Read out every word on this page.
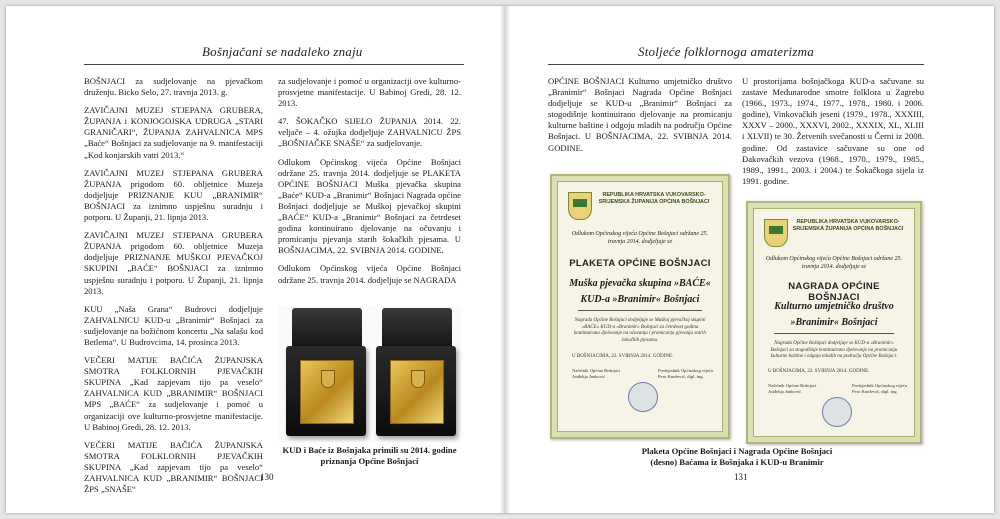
Bošnjačani se nadaleko znaju

BOŠNJACI za sudjelovanje na pjevačkom druženju. Bicko Selo, 27. travnja 2013. g.

ZAVIČAJNI MUZEJ STJEPANA GRUBERA, ŽUPANJA i KONJOGOJSKA UDRUGA „STARI GRANIČARI“, ŽUPANJA ZAHVALNICA MPS „Baće“ Bošnjaci za sudjelovanje na 9. manifestaciji „Kod konjarskih vatri 2013.“

ZAVIČAJNI MUZEJ STJEPANA GRUBERA ŽUPANJA prigodom 60. obljetnice Muzeja dodjeljuje PRIZNANJE KUU „BRANIMIR“ BOŠNJACI za iznimno uspješnu suradnju i potporu. U Županji, 21. lipnja 2013.

ZAVIČAJNI MUZEJ STJEPANA GRUBERA ŽUPANJA prigodom 60. obljetnice Muzeja dodjeljuje PRIZNANJE MUŠKOJ PJEVAČKOJ SKUPINI „BAĆE“ BOŠNJACI za iznimno uspješnu suradnju i potporu. U Županji, 21. lipnja 2013.

KUU „Naša Grana“ Budrovci dodjeljuje ZAHVALNICU KUD-u „Branimir“ Bošnjaci za sudjelovanje na božićnom koncertu „Na salašu kod Betlema“. U Budrovcima, 14. prosinca 2013.

VEČERI MATIJE BAČIĆA ŽUPANJSKA SMOTRA FOLKLORNIH PJEVAČKIH SKUPINA „Kad zapjevam tijo pa veselo“ ZAHVALNICA KUD „BRANIMIR“ BOŠNJACI MPS „BAĆE“ za sudjelovanje i pomoć u organizaciji ove kulturno-prosvjetne manifestacije. U Babinoj Gredi, 28. 12. 2013.

VEČERI MATIJE BAČIĆA ŽUPANJSKA SMOTRA FOLKLORNIH PJEVAČKIH SKUPINA „Kad zapjevam tijo pa veselo“ ZAHVALNICA KUD „BRANIMIR“ BOŠNJACI ŽPS „SNAŠE“

za sudjelovanje i pomoć u organizaciji ove kulturno-prosvjetne manifestacije. U Babinoj Gredi, 28. 12. 2013.

47. ŠOKAČKO SIJELO ŽUPANJA 2014. 22. veljače – 4. ožujka dodjeljuje ZAHVALNICU ŽPS „BOŠNJAČKE SNAŠE“ za sudjelovanje.

Odlukom Općinskog vijeća Općine Bošnjaci održane 25. travnja 2014. dodjeljuje se PLAKETA OPĆINE BOŠNJACI Muška pjevačka skupina „Baće“ KUD-a „Branimir“ Bošnjaci Nagrada općine Bošnjaci dodjeljuje se Muškoj pjevačkoj skupini „BAĆE“ KUD-a „Branimir“ Bošnjaci za četrdeset godina kontinuirano djelovanje na očuvanju i promicanju pjevanja starih šokačkih pjesama. U BOŠNJACIMA, 22. SVIBNJA 2014. GODINE.

Odlukom Općinskog vijeća Općine Bošnjaci održane 25. travnja 2014. dodjeljuje se NAGRADA

KUD i Baće iz Bošnjaka primili su 2014. godine priznanja Općine Bošnjaci
130
Stoljeće folklornoga amaterizma

OPĆINE BOŠNJACI Kulturno umjetničko društvo „Branimir“ Bošnjaci Nagrada Općine Bošnjaci dodjeljuje se KUD-u „Branimir“ Bošnjaci za stogodišnje kontinuirano djelovanje na promicanju kulturne baštine i odgoju mladih na području Općine Bošnjaci. U BOŠNJACIMA, 22. SVIBNJA 2014. GODINE.

U prostorijama bošnjačkoga KUD-a sačuvane su zastave Međunarodne smotre folklora u Zagrebu (1966., 1973., 1974., 1977., 1978., 1980. i 2006. godine), Vinkovačkih jeseni (1979., 1978., XXXIII, XXXV – 2000., XXXVI, 2002., XXXIX, XL, XLIII i XLVII) te 30. Žetvenih svečanosti u Černi iz 2008. godine. Od zastavice sačuvane su one od Đakovačkih vezova (1968., 1970., 1979., 1985., 1989., 1991., 2003. i 2004.) te Šokačkoga sijela iz 1991. godine.

REPUBLIKA HRVATSKA VUKOVARSKO-SRIJEMSKA ŽUPANIJA OPĆINA BOŠNJACI
Odlukom Općinskog vijeća Općine Bošnjaci održane 25. travnja 2014. dodjeljuje se
PLAKETA OPĆINE BOŠNJACI
Muška pjevačka skupina »BAĆE«
KUD-a »Branimir« Bošnjaci
Nagrada Općine Bošnjaci dodjeljuje se Muškoj pjevačkoj skupini »BAĆE« KUD-a »Branimir« Bošnjaci za četrdeset godina kontinuirano djelovanje na očuvanju i promicanju pjevanja starih šokačkih pjesama.
U BOŠNJACIMA, 22. SVIBNJA 2014. GODINE.
Načelnik Općine Bošnjaci Anđelija Janković
Predsjednik Općinskog vijeća Pero Knežević, dipl. ing.
REPUBLIKA HRVATSKA VUKOVARSKO-SRIJEMSKA ŽUPANIJA OPĆINA BOŠNJACI
Odlukom Općinskog vijeća Općine Bošnjaci održane 25. travnja 2014. dodjeljuje se
NAGRADA OPĆINE BOŠNJACI
Kulturno umjetničko društvo
»Branimir« Bošnjaci
Nagrada Općine Bošnjaci dodjeljuje se KUD-u »Branimir« Bošnjaci za stogodišnje kontinuirano djelovanje na promicanju kulturne baštine i odgoju mladih na području Općine Bošnjaci.
U BOŠNJACIMA, 22. SVIBNJA 2014. GODINE.
Načelnik Općine Bošnjaci Anđelija Janković
Predsjednik Općinskog vijeća Pero Knežević, dipl. ing.
Plaketa Općine Bošnjaci i Nagrada Općine Bošnjaci
(desno) Baćama iz Bošnjaka i KUD-u Branimir
131
